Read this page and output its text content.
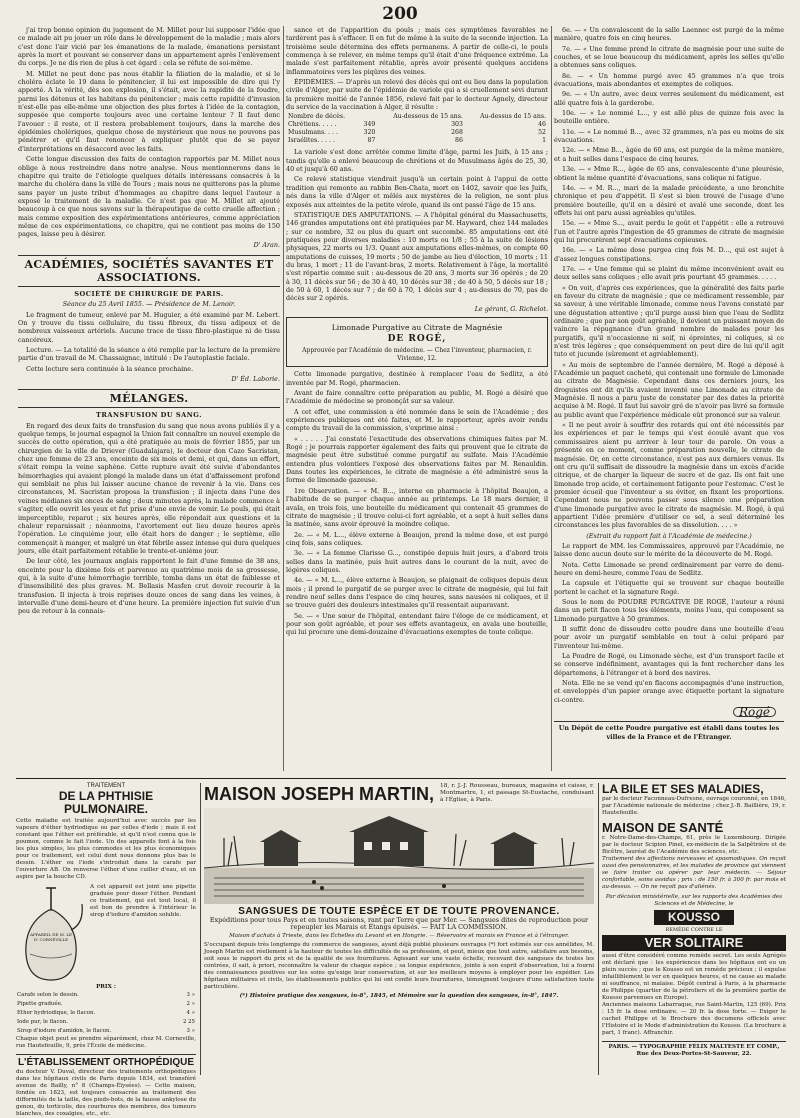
200

j'ai trop bonne opinion du jugement de M. Millet pour lui supposer l'idée que ce malade ait pu jouer un rôle dans le développement de la maladie ; mais alors c'est donc l'air vicié par les émanations de la malade, émanations persistant après la mort et pouvant se conserver dans un appartement après l'enlèvement du corps. Je ne dis rien de plus à cet égard : cela se réfute de soi-même.

M. Millet ne peut donc pas nous établir la filiation de la maladie, et si le choléra éclate le 19 dans le pénitencier, il lui est impossible de dire qui l'y apporté. A la vérité, dès son explosion, il s'était, avec la rapidité de la foudre, parmi les détenus et les habitans du pénitencier ; mais cette rapidité d'invasion n'est-elle pas elle-même une objection des plus fortes à l'idée de la contagion, supposée que comporte toujours avec une certaine lenteur ? Il faut donc l'avouer : il reste, et il restera probablement toujours, dans la marche des épidémies cholériques, quelque chose de mystérieux que nous ne pouvons pas pénétrer et qu'il faut renoncer à expliquer plutôt que de se payer d'interprétations en désaccord avec les faits.

Cette longue discussion des faits de contagion rapportés par M. Millet nous oblige à nous restreindre dans notre analyse. Nous mentionnerons dans le chapitre qui traite de l'étiologie quelques détails intéressans consacrés à la marche du choléra dans la ville de Tours ; mais nous ne quitterons pas la plume sans payer un juste tribut d'hommages au chapitre dans lequel l'auteur a exposé le traitement de la maladie. Ce n'est pas que M. Millet ait ajouté beaucoup à ce que nous savons sur la thérapeutique de cette cruelle affection ; mais comme exposition des expérimentations antérieures, comme appréciation même de ces expérimentations, ce chapitre, qui ne contient pas moins de 150 pages, laisse peu à désirer.

D' Aran.
ACADÉMIES, SOCIÉTÉS SAVANTES ET ASSOCIATIONS.
SOCIÉTÉ DE CHIRURGIE DE PARIS.
Séance du 25 Avril 1855. — Présidence de M. Lenoir.

Le fragment de tumeur, enlevé par M. Huguier, a été examiné par M. Lebert. On y trouve du tissu cellulaire, du tissu fibreux, du tissu adipeux et de nombreux vaisseaux artériels. Aucune trace de tissu fibro-plastique ni de tissu cancéreux.

Lecture. — La totalité de la séance a été remplie par la lecture de la première partie d'un travail de M. Chassaignac, intitulé : De l'autoplastie faciale.

Cette lecture sera continuée à la séance prochaine.

D' Éd. Laborie.
MÉLANGES.
TRANSFUSION DU SANG.

En regard des deux faits de transfusion du sang que nous avons publiés il y a quelque temps, le journal espagnol la Union fait connaître un nouvel exemple de succès de cette opération, qui a été pratiquée au mois de février 1855, par un chirurgien de la ville de Driever (Guadalajara), le docteur don Cazo Sacristan, chez une femme de 23 ans, enceinte de six mois et demi, et qui, dans un effort, s'était rompu la veine saphène. Cette rupture avait été suivie d'abondantes hémorrhagies qui avaient plongé la malade dans un état d'affaissement profond qui semblait ne plus lui laisser aucune chance de revenir à la vie. Dans ces circonstances, M. Sacristan proposa la transfusion ; il injecta dans l'une des veines médianes six onces de sang ; deux minutes après, la malade commence à s'agiter, elle ouvrit les yeux et fut prise d'une envie de vomir. Le pouls, qui était imperceptible, reparut ; six heures après, elle répondait aux questions et la chaleur reparaissait ; néanmoins, l'avortement eut lieu douze heures après l'opération. Le cinquième jour, elle était hors de danger ; le septième, elle commençait à manger, et malgré un état fébrile assez intense qui dura quelques jours, elle était parfaitement rétablie le trente-et-unième jour.

De leur côté, les journaux anglais rapportent le fait d'une femme de 38 ans, enceinte pour la dixième fois et parvenue au quatrième mois de sa grossesse, qui, à la suite d'une hémorrhagie terrible, tomba dans un état de faiblesse et d'insensibilité des plus graves. M. Bellasis Masfen crut devoir recourir à la transfusion. Il injecta à trois reprises douze onces de sang dans les veines, à intervalle d'une demi-heure et d'une heure. La première injection fut suivie d'un peu de retour à la connais-

sance et de l'apparition du pouls ; mais ces symptômes favorables ne tardèrent pas à s'effacer. Il en fut de même à la suite de la seconde injection. La troisième seule détermina des effets permanens. A partir de celle-ci, le pouls commença à se relever, en même temps qu'il était d'une fréquence extrême. La malade s'est parfaitement rétablie, après avoir présenté quelques accidens inflammatoires vers les piqûres des veines.

ÉPIDÉMIES. — D'après un relevé des décès qui ont eu lieu dans la population civile d'Alger, par suite de l'épidémie de variole qui a si cruellement sévi durant la première moitié de l'année 1856, relevé fait par le docteur Agnely, directeur du service de la vaccination à Alger, il résulte :

Nombre de décès.		Au-dessous de 15 ans.	Au-dessus de 15 ans.
Chrétiens. . . . .	349	303	46
Musulmans. . . .	320	268	52
Israélites. . . . .	87	86	1

La variole s'est donc arrêtée comme limite d'âge, parmi les Juifs, à 15 ans ; tandis qu'elle a enlevé beaucoup de chrétiens et de Musulmans âgés de 25, 30, 40 et jusqu'à 60 ans.

Ce relevé statistique viendrait jusqu'à un certain point à l'appui de cette tradition qui remonte au rabbin Ben-Chata, mort en 1402, savoir que les Juifs, nés dans la ville d'Alger et mêlés aux mystères de la religion, ne sont plus exposés aux atteintes de la petite vérole, quand ils ont passé l'âge de 15 ans.

STATISTIQUE DES AMPUTATIONS. — A l'hôpital général du Massachusetts, 146 grandes amputations ont été pratiquées par M. Hayward, chez 144 malades ; sur ce nombre, 32 ou plus du quart ont succombé. 85 amputations ont été pratiquées pour diverses maladies : 10 morts ou 1/8 ; 55 à la suite de lésions physiques, 22 morts ou 1/3. Quant aux amputations elles-mêmes, on compte 60 amputations de cuisses, 19 morts ; 50 de jambe au lieu d'élection, 10 morts ; 11 du bras, 1 mort ; 11 de l'avant-bras, 2 morts. Relativement à l'âge, la mortalité s'est répartie comme suit : au-dessous de 20 ans, 3 morts sur 36 opérés ; de 20 à 30, 11 décès sur 56 ; de 30 à 40, 10 décès sur 38 ; de 40 à 50, 5 décès sur 18 ; de 50 à 60, 1 décès sur 7 ; de 60 à 70, 1 décès sur 4 ; au-dessus de 70, pas de décès sur 2 opérés.

Le gérant, G. Richelot.
Limonade Purgative au Citrate de Magnésie
DE ROGÉ,
Approuvée par l'Académie de médecine. — Chez l'inventeur, pharmacien, r. Vivienne, 12.

Cette limonade purgative, destinée à remplacer l'eau de Sedlitz, a été inventée par M. Rogé, pharmacien.

Avant de faire connaître cette préparation au public, M. Rogé a désiré que l'Académie de médecine se prononçât sur sa valeur.

A cet effet, une commission a été nommée dans le sein de l'Académie ; des expériences publiques ont été faites, et M. le rapporteur, après avoir rendu compte du travail de la commission, s'exprime ainsi :

« . . . . . J'ai constaté l'exactitude des observations chimiques faites par M. Rogé ; je pourrais rapporter également des faits qui prouvent que le citrate de magnésie peut être substitué comme purgatif au sulfate. Mais l'Académie entendra plus volontiers l'exposé des observations faites par M. Renauldin. Dans toutes les expériences, le citrate de magnésie a été administré sous la forme de limonade gazeuse.

1re Observation. — « M. B..., interne en pharmacie à l'hôpital Beaujon, a l'habitude de se purger chaque année au printemps. Le 18 mars dernier, il avala, en trois fois, une bouteille du médicament qui contenait 45 grammes de citrate de magnésie ; il trouve celui-ci fort agréable, et a sept à huit selles dans la matinée, sans avoir éprouvé la moindre colique.

2e. — « M. L..., élève externe à Beaujon, prend la même dose, et est purgé cinq fois, sans coliques.

3e. — « La femme Clarisse G..., constipée depuis huit jours, a d'abord trois selles dans la matinée, puis huit autres dans le courant de la nuit, avec de légères coliques.

4e. — « M. L..., élève externe à Beaujon, se plaignait de coliques depuis deux mois ; il prend le purgatif de se purger avec le citrate de magnésie, qui lui fait rendre neuf selles dans l'espace de cinq heures, sans nausées ni coliques, et il se trouve guéri des douleurs intestinales qu'il ressentait auparavant.

5e. — « Une sœur de l'hôpital, entendant faire l'éloge de ce médicament, et pour son goût agréable, et pour ses effets avantageux, en avala une bouteille, qui lui procure une demi-douzaine d'évacuations exemptes de toute colique.

6e. — « Un convalescent de la salle Laennec est purgé de la même manière, quatre fois en cinq heures.

7e. — « Une femme prend le citrate de magnésie pour une suite de couches, et se loue beaucoup du médicament, après les selles qu'elle a obtenues sans coliques.

8e. — « Un homme purgé avec 45 grammes n'a que trois évacuations, mais abondantes et exemptes de coliques.

9e. — « Un autre, avec deux verres seulement du médicament, est allé quatre fois à la garderobe.

10e. — « Le nommé L..., y est allé plus de quinze fois avec la bouteille entière.

11e. — « Le nommé B..., avec 32 grammes, n'a pas eu moins de six évacuations.

12e. — « Mme B..., âgée de 60 ans, est purgée de la même manière, et a huit selles dans l'espace de cinq heures.

13e. — « Mme R..., âgée de 65 ans, convalescente d'une pleurésie, obtient la même quantité d'évacuations, sans colique ni fatigue.

14e. — « M. R..., mari de la malade précédente, a une bronchite chronique et peu d'appétit. Il s'est si bien trouvé de l'usage d'une première bouteille, qu'il en a désiré et avalé une seconde, dont les effets lui ont paru aussi agréables qu'utiles.

15e. — « Mme S..., avait perdu le goût et l'appétit : elle a retrouvé l'un et l'autre après l'ingestion de 45 grammes de citrate de magnésie qui lui procurèrent sept évacuations copieuses.

16e. — « La même dose purgea cinq fois M. D..., qui est sujet à d'assez longues constipations.

17e. — « Une femme qui se plaint du même inconvénient avait eu deux selles sans coliques ; elle avait pris pourtant 45 grammes. . . . .

« On voit, d'après ces expériences, que la généralité des faits parle en faveur du citrate de magnésie ; que ce médicament ressemble, par sa saveur, à une véritable limonade, comme nous l'avons constaté par une dégustation attentive ; qu'il purge aussi bien que l'eau de Sedlitz ordinaire ; que par son goût agréable, il devient un puissant moyen de vaincre la répugnance d'un grand nombre de malades pour les purgatifs, qu'il n'occasionne ni soif, ni épreintes, ni coliques, si ce n'est très légères ; que conséquemment on peut dire de lui qu'il agit tuto et jucunde (sûrement et agréablement).

« Au mois de septembre de l'année dernière, M. Rogé a déposé à l'Académie un paquet cacheté, qui contenait une formule de Limonade au citrate de Magnésie. Cependant dans ces derniers jours, les droguistes ont dit qu'ils avaient inventé une Limonade au citrate de Magnésie. Il nous a paru juste de constater par des dates la priorité acquise à M. Rogé. Il faut lui savoir gré de n'avoir pas livré sa formule au public avant que l'expérience médicale eût prononcé sur sa valeur.

« Il ne peut avoir à souffrir des retards qui ont été nécessités par les expériences et par le temps qui s'est écoulé avant que vos commissaires aient pu arriver à leur tour de parole. On vous a présenté en ce moment, comme préparation nouvelle, le citrate de magnésie. Or, en cette circonstance, n'est pas aux derniers venus. Ils ont cru qu'il suffisait de dissoudre la magnésie dans un excès d'acide citrique, et de charger la liqueur de sucre et de gaz. Ils ont fait une limonade trop acide, et certainement fatigante pour l'estomac. C'est le premier écueil que l'inventeur a su éviter, en fixant les proportions. Cependant nous ne pouvons passer sous silence une préparation d'une limonade purgative avec le citrate de magnésie. M. Rogé, à qui appartient l'idée première d'utiliser ce sel, a seul déterminé les circonstances les plus favorables de sa dissolution. . . . »

(Extrait du rapport fait à l'Académie de médecine.)

Le rapport de MM. les Commissaires, approuvé par l'Académie, ne laisse donc aucun doute sur le mérite de la découverte de M. Rogé.

Nota. Cette Limonade se prend ordinairement par verre de demi-heure en demi-heure, comme l'eau de Sedlitz.

La capsule et l'étiquette qui se trouvent sur chaque bouteille portent le cachet et la signature Rogé.

Sous le nom de POUDRE PURGATIVE DE ROGÉ, l'auteur a réuni dans un petit flacon tous les éléments, moins l'eau, qui composent sa Limonade purgative à 50 grammes.

Il suffit donc de dissoudre cette poudre dans une bouteille d'eau pour avoir un purgatif semblable en tout à celui préparé par l'inventeur lui-même.

La Poudre de Rogé, ou Limonade sèche, est d'un transport facile et se conserve indéfiniment, avantages qui la font rechercher dans les départemens, à l'étranger et à bord des navires.

Nota. Elle ne se vend qu'en flacons accompagnés d'une instruction, et enveloppés d'un papier orange avec étiquette portant la signature ci-contre.

Rogé
Un Dépôt de cette Poudre purgative est établi dans toutes les villes de la France et de l'Étranger.
TRAITEMENT
DE LA PHTHISIE PULMONAIRE.
Cette maladie est traitée aujourd'hui avec succès par les vapeurs d'éther hydriodique ou par celles d'iode ; mais il est constant que l'éther est préférable, et qu'il n'est connu que le poumon, comme le fait l'iode. Un des appareils font à la fois les plus simples, les plus commodes et les plus économiques pour ce traitement, est celui dont nous donnons plus bas le dessin. L'éther ou l'iode s'introduit dans la carafe par l'ouverture AB. On renverse l'éther d'une cuiller d'eau, et on aspire par la bouche CD.
APPAREIL DE M. LE D' CORNEVILLE
A cet appareil est joint une pipette graduée pour doser l'éther. Pendant ce traitement, qui est tout local, il est bon de prendre à l'intérieur le sirop d'iodure d'amidon soluble.
PRIX :
Carafe selon le dessin.	3 »
Pipette graduée.	2 »
Ether hydriodique, le flacon.	4 »
Iode pur, le flacon.	2 25
Sirop d'iodure d'amidon, le flacon.	3 »
Chaque objet peut se prendre séparément, chez M. Corneville, rue Hautefeuille, 9, près l'École de médecine.
L'ÉTABLISSEMENT ORTHOPÉDIQUE
du docteur V. Duval, directeur des traitements orthopédiques dans les hôpitaux civils de Paris depuis 1834, est transféré avenue de Bailly, n° 8 (Champs-Élysées). — Cette maison, fondée en 1823, est toujours consacrée au traitement des difformités de la taille, des pieds-bots, de la fausse ankylose du genou, du torticolis, des courbures des membres, des tumeurs blanches, des coxalgies, etc., etc.
MAISON JOSEPH MARTIN, 18, r. J.-J. Rousseau, bureaux, magasins et caisse, r. Montmartre, 1, et passage St-Eustache, conduisant à l'Église, à Paris.
SANGSUES DE TOUTE ESPÈCE ET DE TOUTE PROVENANCE.
Expéditions pour tous Pays et en toutes saisons, rant par Terre que par Mer. — Sangsues dites de reproduction pour repeupler les Marais et Étangs épuisés. — FAIT LA COMMISSION.
Maison d'achats à Trieste, dans les Échelles du Levant et en Hongrie. — Réservoirs et marais en France et à l'étranger.
S'occupant depuis très longtemps du commerce de sangsues, ayant déjà publié plusieurs ouvrages (*) fort estimés sur ces annélides, M. Joseph Martin est réellement à la hauteur de toutes les difficultés de sa profession, et peut, mieux que tout autre, satisfaire aux besoins, soit sous le rapport du prix et de la qualité de ses fournitures. Agissant sur une vaste échelle, recevant des sangsues de toutes les contrées, il sait, à priori, reconnaître la valeur de chaque espèce ; sa longue expérience, jointe à son esprit d'observation, lui a fourni des connaissances positives sur les soins qu'exige leur conservation, et sur les meilleurs moyens à employer pour les expédier. Les hôpitaux militaires et civils, les établissements publics qui lui ont confié leurs fournitures, témoignent toujours d'une satisfaction toute particulière.
(*) Histoire pratique des sangsues, in-8°, 1845, et Mémoire sur la question des sangsues, in-8°, 1847.
LA BILE ET SES MALADIES,
par le docteur Faconneau-Dufresne, ouvrage couronné, en 1846, par l'Académie nationale de médecine ; chez J.-B. Baillière, 19, r. Hautefeuille.
MAISON DE SANTÉ
r. Notre-Dame-des-Champs, 61, près le Luxembourg. Dirigée par le docteur Scipion Pinel, ex-médecin de la Salpêtrière et de Bicêtre, lauréat de l'Académie des sciences, etc.
Traitement des affections nerveuses et spasmodiques. On reçoit aussi des pensionnaires, et les malades de province qui viennent se faire traiter ou opérer par leur médecin. — Séjour confortable, soins assidus ; prix : de 150 fr. à 300 fr. par mois et au-dessus. — On ne reçoit pas d'aliénés.
Par décision ministérielle, sur les rapports des Académies des Sciences et de Médecine, le
KOUSSO
REMÈDE CONTRE LE
VER SOLITAIRE
aussi d'être considéré comme remède secret. Les seuls Agrégés ont déclaré que : les expériences dans les hôpitaux ont eu un plein succès ; que le Kousso est un remède précieux ; il expulse infailliblement le ver en quelques heures, et ne cause au malade ni souffrance, ni malaise. Dépôt central à Paris, à la pharmacie de Philippe (quartier de la pétroliers et de la première partie de Kousso parvenues en Europe).
Anciennes maisons Labarraque, rue Saint-Martin, 125 (69). Prix : 15 fr. la dose ordinaire. — 20 fr. la dose forte. — Exiger le cachet Philippe et le Brochure des documens officiels avec l'Histoire et le Mode d'administration du Kousso. (La brochure à part, 1 franc). Affranchir.
PARIS. — TYPOGRAPHIE FÉLIX MALTESTE ET COMP., Rue des Deux-Portes-St-Sauveur, 22.
